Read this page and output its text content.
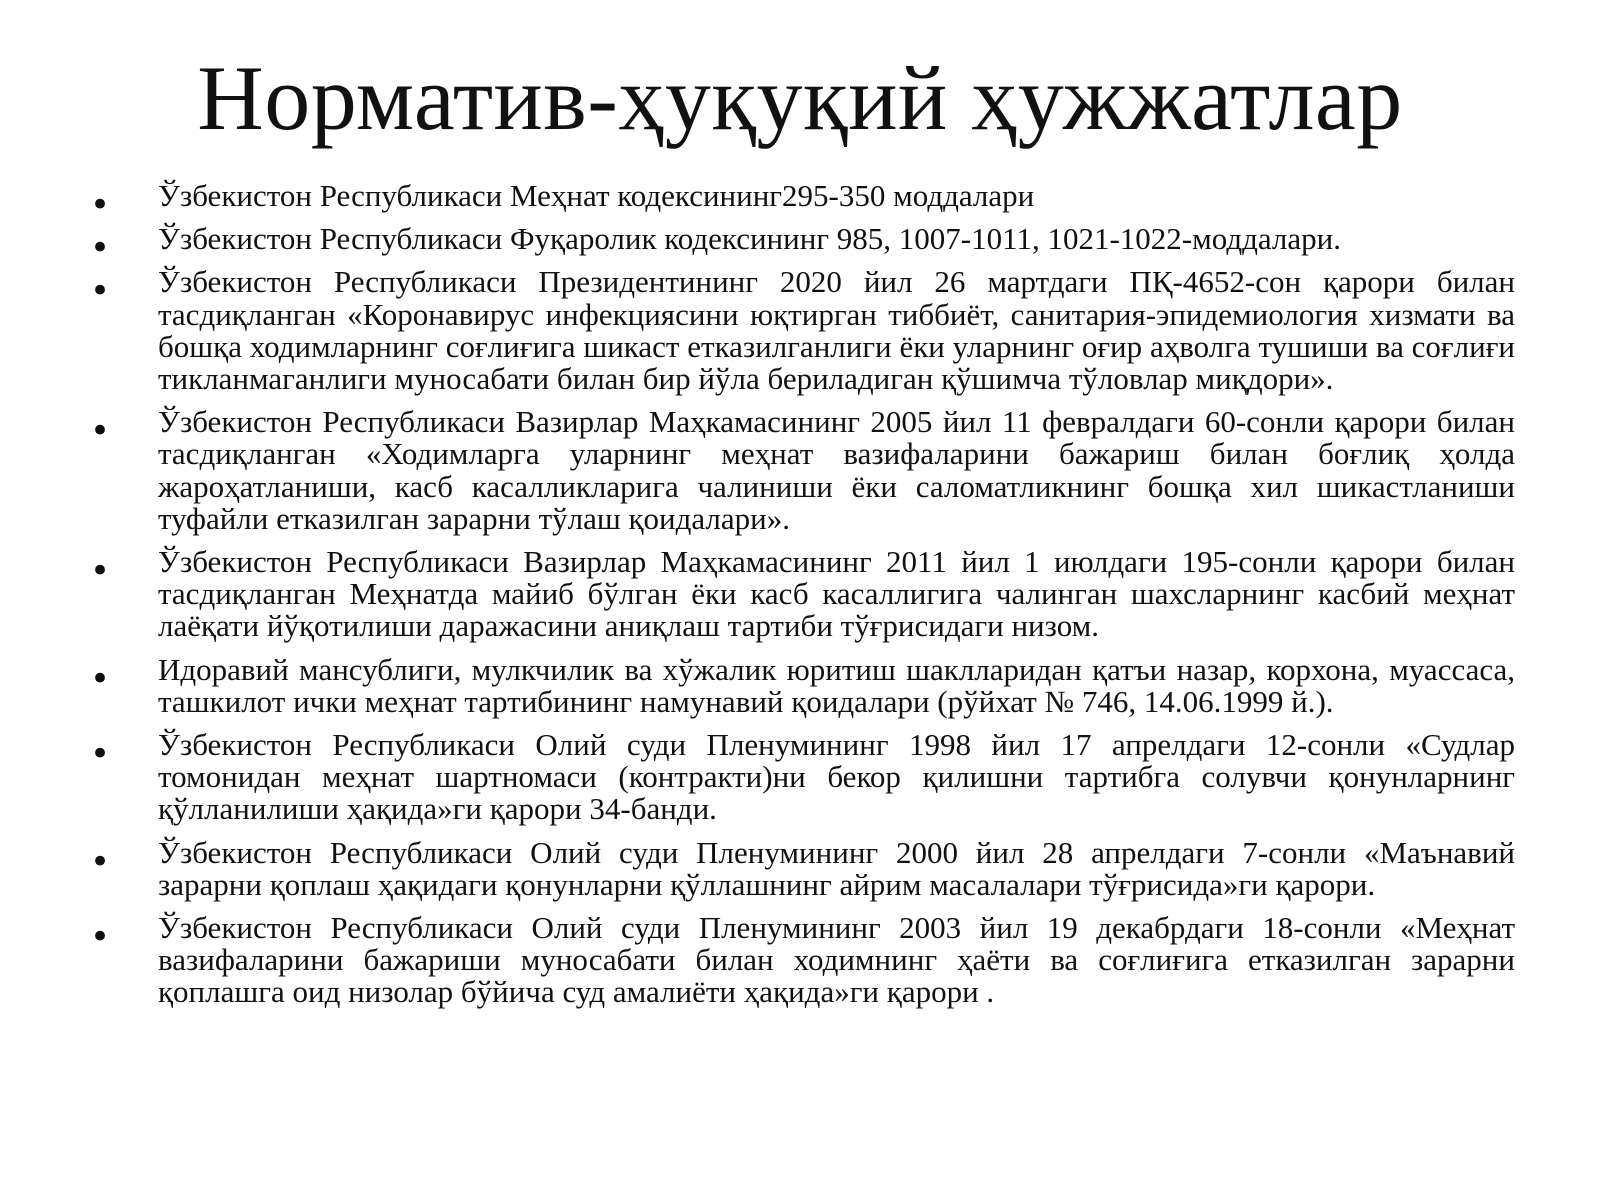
Норматив-ҳуқуқий ҳужжатлар
• Ўзбекистон Республикаси Меҳнат кодексининг295-350 моддалари
• Ўзбекистон Республикаси Фуқаролик кодексининг 985, 1007-1011, 1021-1022-моддалари.
• Ўзбекистон Республикаси Президентининг 2020 йил 26 мартдаги ПҚ-4652-сон қарори билан тасдиқланган «Коронавирус инфекциясини юқтирган тиббиёт, санитария-эпидемиология хизмати ва бошқа ходимларнинг соғлиғига шикаст етказилганлиги ёки уларнинг оғир аҳволга тушиши ва соғлиғи тикланмаганлиги муносабати билан бир йўла бериладиган қўшимча тўловлар миқдори».
• Ўзбекистон Республикаси Вазирлар Маҳкамасининг 2005 йил 11 февралдаги 60-сонли қарори билан тасдиқланган «Ходимларга уларнинг меҳнат вазифаларини бажариш билан боғлиқ ҳолда жароҳатланиши, касб касалликларига чалиниши ёки саломатликнинг бошқа хил шикастланиши туфайли етказилган зарарни тўлаш қоидалари».
• Ўзбекистон Республикаси Вазирлар Маҳкамасининг 2011 йил 1 июлдаги 195-сонли қарори билан тасдиқланган Меҳнатда майиб бўлган ёки касб касаллигига чалинган шахсларнинг касбий меҳнат лаёқати йўқотилиши даражасини аниқлаш тартиби тўғрисидаги низом.
• Идоравий мансублиги, мулкчилик ва хўжалик юритиш шаклларидан қатъи назар, корхона, муассаса, ташкилот ички меҳнат тартибининг намунавий қоидалари (рўйхат № 746, 14.06.1999 й.).
• Ўзбекистон Республикаси Олий суди Пленумининг 1998 йил 17 апрелдаги 12-сонли «Судлар томонидан меҳнат шартномаси (контракти)ни бекор қилишни тартибга солувчи қонунларнинг қўлланилиши ҳақида»ги қарори 34-банди.
• Ўзбекистон Республикаси Олий суди Пленумининг 2000 йил 28 апрелдаги 7-сонли «Маънавий зарарни қоплаш ҳақидаги қонунларни қўллашнинг айрим масалалари тўғрисида»ги қарори.
• Ўзбекистон Республикаси Олий суди Пленумининг 2003 йил 19 декабрдаги 18-сонли «Меҳнат вазифаларини бажариши муносабати билан ходимнинг ҳаёти ва соғлиғига етказилган зарарни қоплашга оид низолар бўйича суд амалиёти ҳақида»ги қарори .
